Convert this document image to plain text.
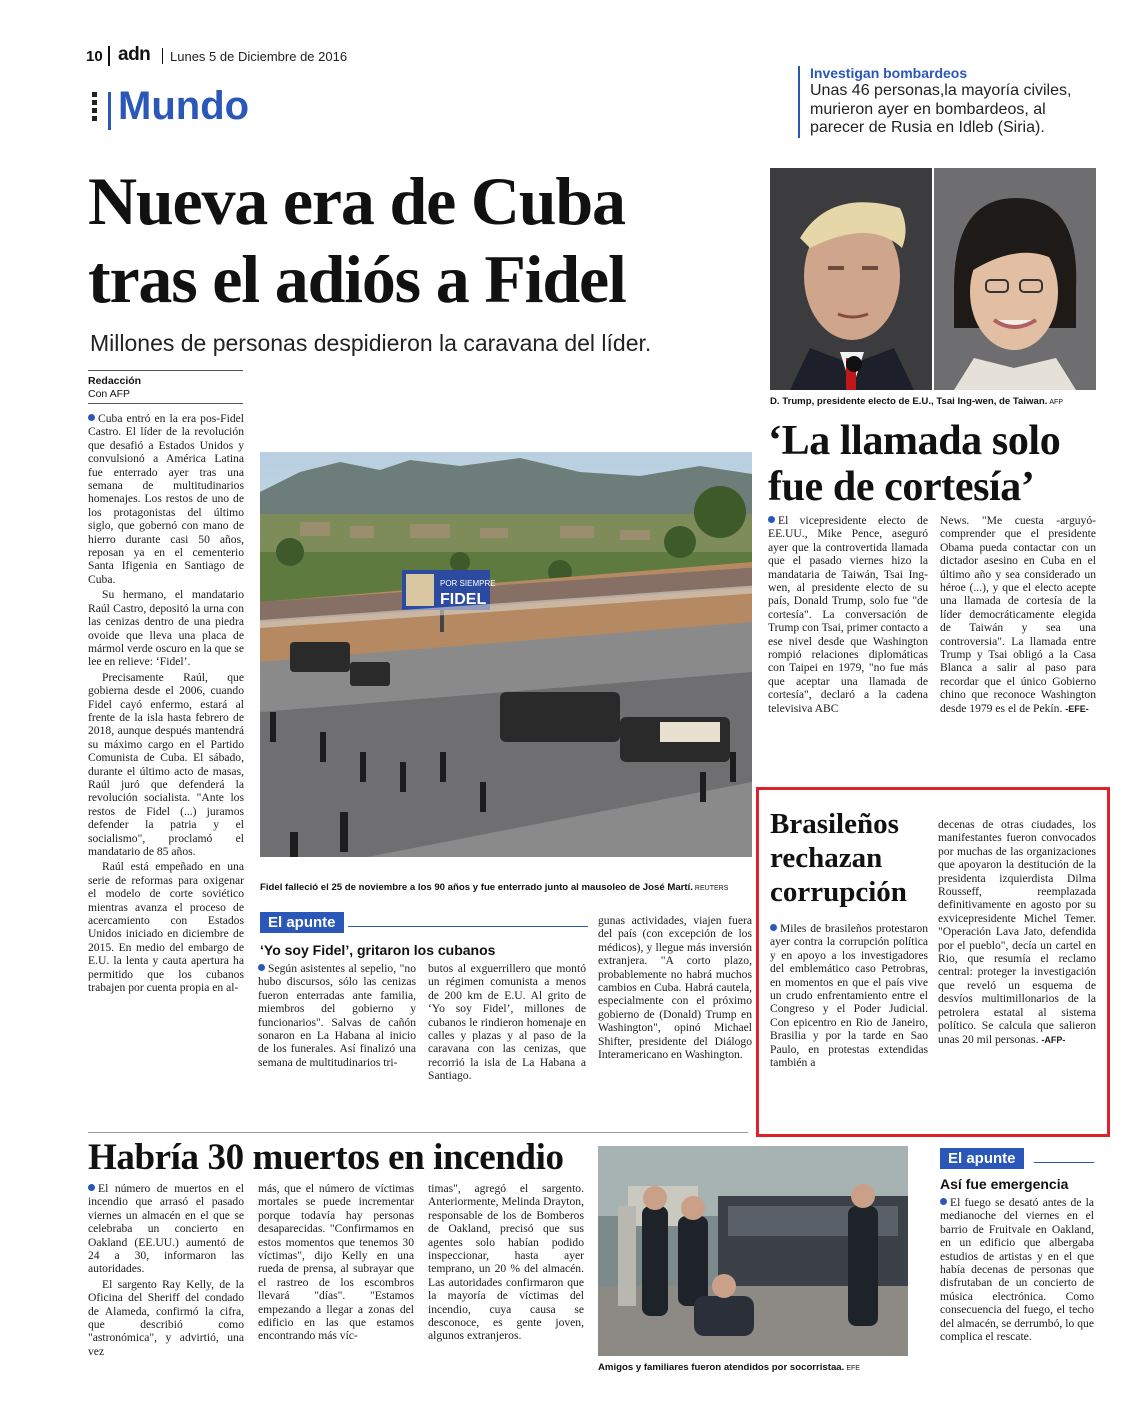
10 adn Lunes 5 de Diciembre de 2016
Mundo
Investigan bombardeos
Unas 46 personas,la mayoría civiles, murieron ayer en bombardeos, al parecer de Rusia en Idleb (Siria).
Nueva era de Cuba
tras el adiós a Fidel
Millones de personas despidieron la caravana del líder.
Redacción
Con AFP

Cuba entró en la era pos-Fidel Castro. El líder de la revolución que desafió a Estados Unidos y convulsionó a América Latina fue enterrado ayer tras una semana de multitudinarios homenajes. Los restos de uno de los protagonistas del último siglo, que gobernó con mano de hierro durante casi 50 años, reposan ya en el cementerio Santa Ifigenia en Santiago de Cuba.

Su hermano, el mandatario Raúl Castro, depositó la urna con las cenizas dentro de una piedra ovoide que lleva una placa de mármol verde oscuro en la que se lee en relieve: ‘Fidel’.

Precisamente Raúl, que gobierna desde el 2006, cuando Fidel cayó enfermo, estará al frente de la isla hasta febrero de 2018, aunque después mantendrá su máximo cargo en el Partido Comunista de Cuba. El sábado, durante el último acto de masas, Raúl juró que defenderá la revolución socialista. "Ante los restos de Fidel (...) juramos defender la patria y el socialismo", proclamó el mandatario de 85 años.

Raúl está empeñado en una serie de reformas para oxigenar el modelo de corte soviético mientras avanza el proceso de acercamiento con Estados Unidos iniciado en diciembre de 2015. En medio del embargo de E.U. la lenta y cauta apertura ha permitido que los cubanos trabajen por cuenta propia en al-

POR SIEMPRE
FIDEL
Fidel falleció el 25 de noviembre a los 90 años y fue enterrado junto al mausoleo de José Martí. REUTERS
El apunte
‘Yo soy Fidel’, gritaron los cubanos
Según asistentes al sepelio, "no hubo discursos, sólo las cenizas fueron enterradas ante familia, miembros del gobierno y funcionarios". Salvas de cañón sonaron en La Habana al inicio de los funerales. Así finalizó una semana de multitudinarios tri-
butos al exguerrillero que montó un régimen comunista a menos de 200 km de E.U. Al grito de ‘Yo soy Fidel’, millones de cubanos le rindieron homenaje en calles y plazas y al paso de la caravana con las cenizas, que recorrió la isla de La Habana a Santiago.
gunas actividades, viajen fuera del país (con excepción de los médicos), y llegue más inversión extranjera. "A corto plazo, probablemente no habrá muchos cambios en Cuba. Habrá cautela, especialmente con el próximo gobierno de (Donald) Trump en Washington", opinó Michael Shifter, presidente del Diálogo Interamericano en Washington.
D. Trump, presidente electo de E.U., Tsai Ing-wen, de Taiwan. AFP
‘La llamada solo
fue de cortesía’
El vicepresidente electo de EE.UU., Mike Pence, aseguró ayer que la controvertida llamada que el pasado viernes hizo la mandataria de Taiwán, Tsai Ing-wen, al presidente electo de su país, Donald Trump, solo fue "de cortesía". La conversación de Trump con Tsai, primer contacto a ese nivel desde que Washington rompió relaciones diplomáticas con Taipei en 1979, "no fue más que aceptar una llamada de cortesía", declaró a la cadena televisiva ABC
News. "Me cuesta -arguyó- comprender que el presidente Obama pueda contactar con un dictador asesino en Cuba en el último año y sea considerado un héroe (...), y que el electo acepte una llamada de cortesía de la líder democráticamente elegida de Taiwán y sea una controversia". La llamada entre Trump y Tsai obligó a la Casa Blanca a salir al paso para recordar que el único Gobierno chino que reconoce Washington desde 1979 es el de Pekín. -EFE-
Brasileños
rechazan
corrupción
Miles de brasileños protestaron ayer contra la corrupción política y en apoyo a los investigadores del emblemático caso Petrobras, en momentos en que el país vive un crudo enfrentamiento entre el Congreso y el Poder Judicial. Con epicentro en Rio de Janeiro, Brasilia y por la tarde en Sao Paulo, en protestas extendidas también a
decenas de otras ciudades, los manifestantes fueron convocados por muchas de las organizaciones que apoyaron la destitución de la presidenta izquierdista Dilma Rousseff, reemplazada definitivamente en agosto por su exvicepresidente Michel Temer. "Operación Lava Jato, defendida por el pueblo", decía un cartel en Rio, que resumía el reclamo central: proteger la investigación que reveló un esquema de desvíos multimillonarios de la petrolera estatal al sistema político. Se calcula que salieron unas 20 mil personas. -AFP-
Habría 30 muertos en incendio

El número de muertos en el incendio que arrasó el pasado viernes un almacén en el que se celebraba un concierto en Oakland (EE.UU.) aumentó de 24 a 30, informaron las autoridades.

El sargento Ray Kelly, de la Oficina del Sheriff del condado de Alameda, confirmó la cifra, que describió como "astronómica", y advirtió, una vez

más, que el número de víctimas mortales se puede incrementar porque todavía hay personas desaparecidas. "Confirmamos en estos momentos que tenemos 30 víctimas", dijo Kelly en una rueda de prensa, al subrayar que el rastreo de los escombros llevará "días". "Estamos empezando a llegar a zonas del edificio en las que estamos encontrando más víc-
timas", agregó el sargento. Anteriormente, Melinda Drayton, responsable de los de Bomberos de Oakland, precisó que sus agentes solo habían podido inspeccionar, hasta ayer temprano, un 20 % del almacén. Las autoridades confirmaron que la mayoría de víctimas del incendio, cuya causa se desconoce, es gente joven, algunos extranjeros.
Amigos y familiares fueron atendidos por socorristaa. EFE
El apunte
Así fue emergencia
El fuego se desató antes de la medianoche del viernes en el barrio de Fruitvale en Oakland, en un edificio que albergaba estudios de artistas y en el que había decenas de personas que disfrutaban de un concierto de música electrónica. Como consecuencia del fuego, el techo del almacén, se derrumbó, lo que complica el rescate.
